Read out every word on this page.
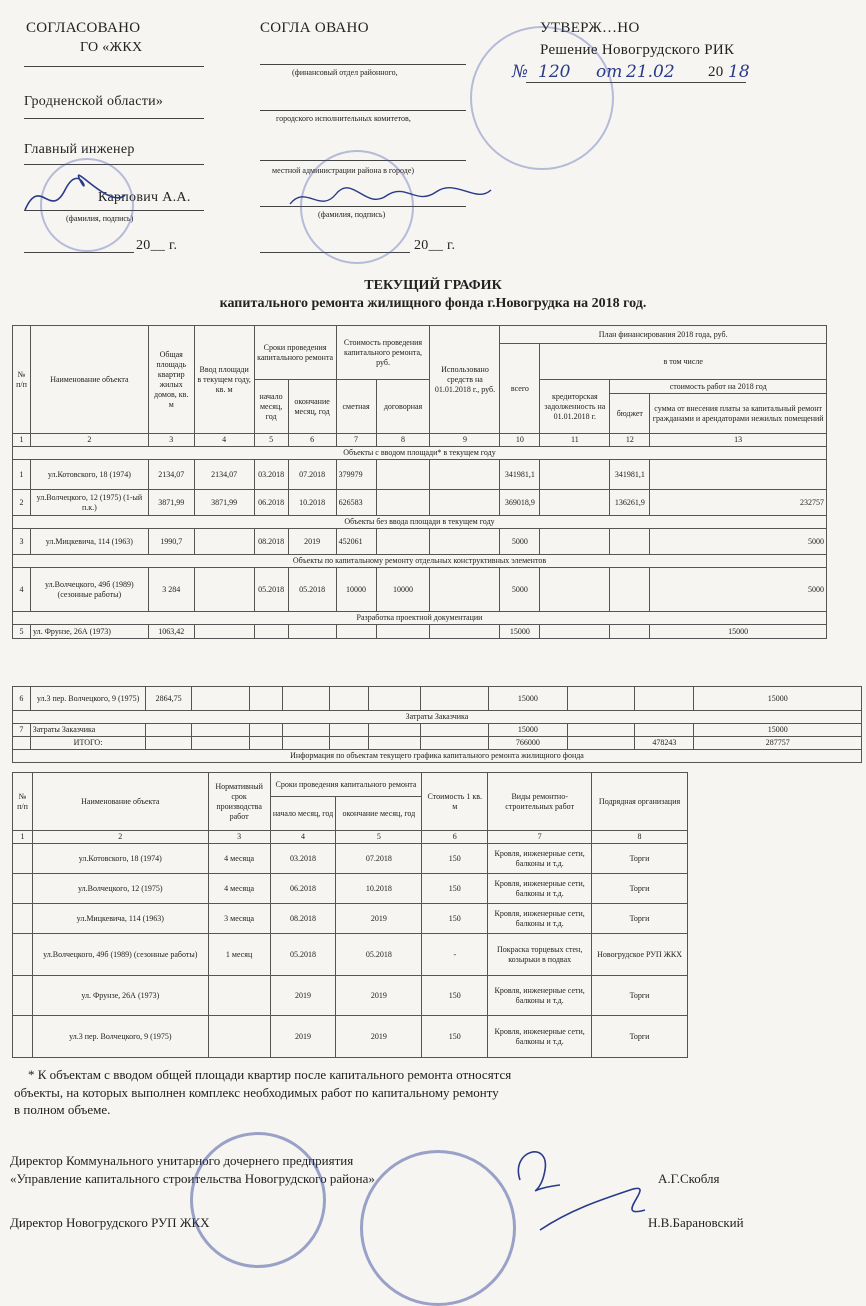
СОГЛАСОВАНО
ГО «ЖКХ
Гродненской области»
Главный инженер
Карпович А.А.
(фамилия, подпись)
20__ г.
СОГЛА ОВАНО
(финансовый отдел районного,
городского исполнительных комитетов,
местной администрации района в городе)
(фамилия, подпись)
20__ г.
УТВЕРЖ…НО
Решение Новогрудского РИК
№ 120 от 21.02 20 18
ТЕКУЩИЙ ГРАФИК
капитального ремонта жилищного фонда г.Новогрудка на 2018 год.
№ п/п	Наименование объекта	Общая площадь квартир жилых домов, кв. м	Ввод площади в текущем году, кв. м	Сроки проведения капитального ремонта		Стоимость проведения капитального ремонта, руб.		Использовано средств на 01.01.2018 г., руб.	План финансирования 2018 года, руб.			
									всего	в том числе		
				начало месяц, год	окончание месяц, год	сметная	договорная			кредиторская задолженность на 01.01.2018 г.	стоимость работ на 2018 год	
											бюджет	сумма от внесения платы за капитальный ремонт гражданами и арендаторами нежилых помещений
1	2	3	4	5	6	7	8	9	10	11	12	13
Объекты с вводом площади* в текущем году												
1	ул.Котовского, 18 (1974)	2134,07	2134,07	03.2018	07.2018	379979			341981,1		341981,1	
2	ул.Волчецкого, 12 (1975) (1-ый п.к.)	3871,99	3871,99	06.2018	10.2018	626583			369018,9		136261,9	232757
Объекты без ввода площади в текущем году												
3	ул.Мицкевича, 114 (1963)	1990,7		08.2018	2019	452061			5000			5000
Объекты по капитальному ремонту отдельных конструктивных элементов												
4	ул.Волчецкого, 49б (1989) (сезонные работы)	3 284		05.2018	05.2018	10000	10000		5000			5000
Разработка проектной документации												
5	ул. Фрунзе, 26А (1973)	1063,42							15000			15000
6	ул.3 пер. Волчецкого, 9 (1975)	2864,75							15000			15000
Затраты Заказчика												
7	Затраты Заказчика								15000			15000
	ИТОГО:								766000		478243	287757
Информация по объектам текущего графика капитального ремонта жилищного фонда												
№ п/п	Наименование объекта	Нормативный срок производства работ	Сроки проведения капитального ремонта		Стоимость 1 кв. м	Виды ремонтно-строительных работ	Подрядная организация
			начало месяц, год	окончание месяц, год			
1	2	3	4	5	6	7	8
	ул.Котовского, 18 (1974)	4 месяца	03.2018	07.2018	150	Кровля, инженерные сети, балконы и т.д.	Торги
	ул.Волчецкого, 12 (1975)	4 месяца	06.2018	10.2018	150	Кровля, инженерные сети, балконы и т.д.	Торги
	ул.Мицкевича, 114 (1963)	3 месяца	08.2018	2019	150	Кровля, инженерные сети, балконы и т.д.	Торги
	ул.Волчецкого, 49б (1989) (сезонные работы)	1 месяц	05.2018	05.2018	-	Покраска торцевых стен, козырьки в подвах	Новогрудское РУП ЖКХ
	ул. Фрунзе, 26А (1973)		2019	2019	150	Кровля, инженерные сети, балконы и т.д.	Торги
	ул.3 пер. Волчецкого, 9 (1975)		2019	2019	150	Кровля, инженерные сети, балконы и т.д.	Торги
* К объектам с вводом общей площади квартир после капитального ремонта относятся
объекты, на которых выполнен комплекс необходимых работ по капитальному ремонту
в полном объеме.
Директор Коммунального унитарного дочернего предприятия
«Управление капитального строительства Новогрудского района»	А.Г.Скобля
Директор Новогрудского РУП ЖКХ	Н.В.Барановский
